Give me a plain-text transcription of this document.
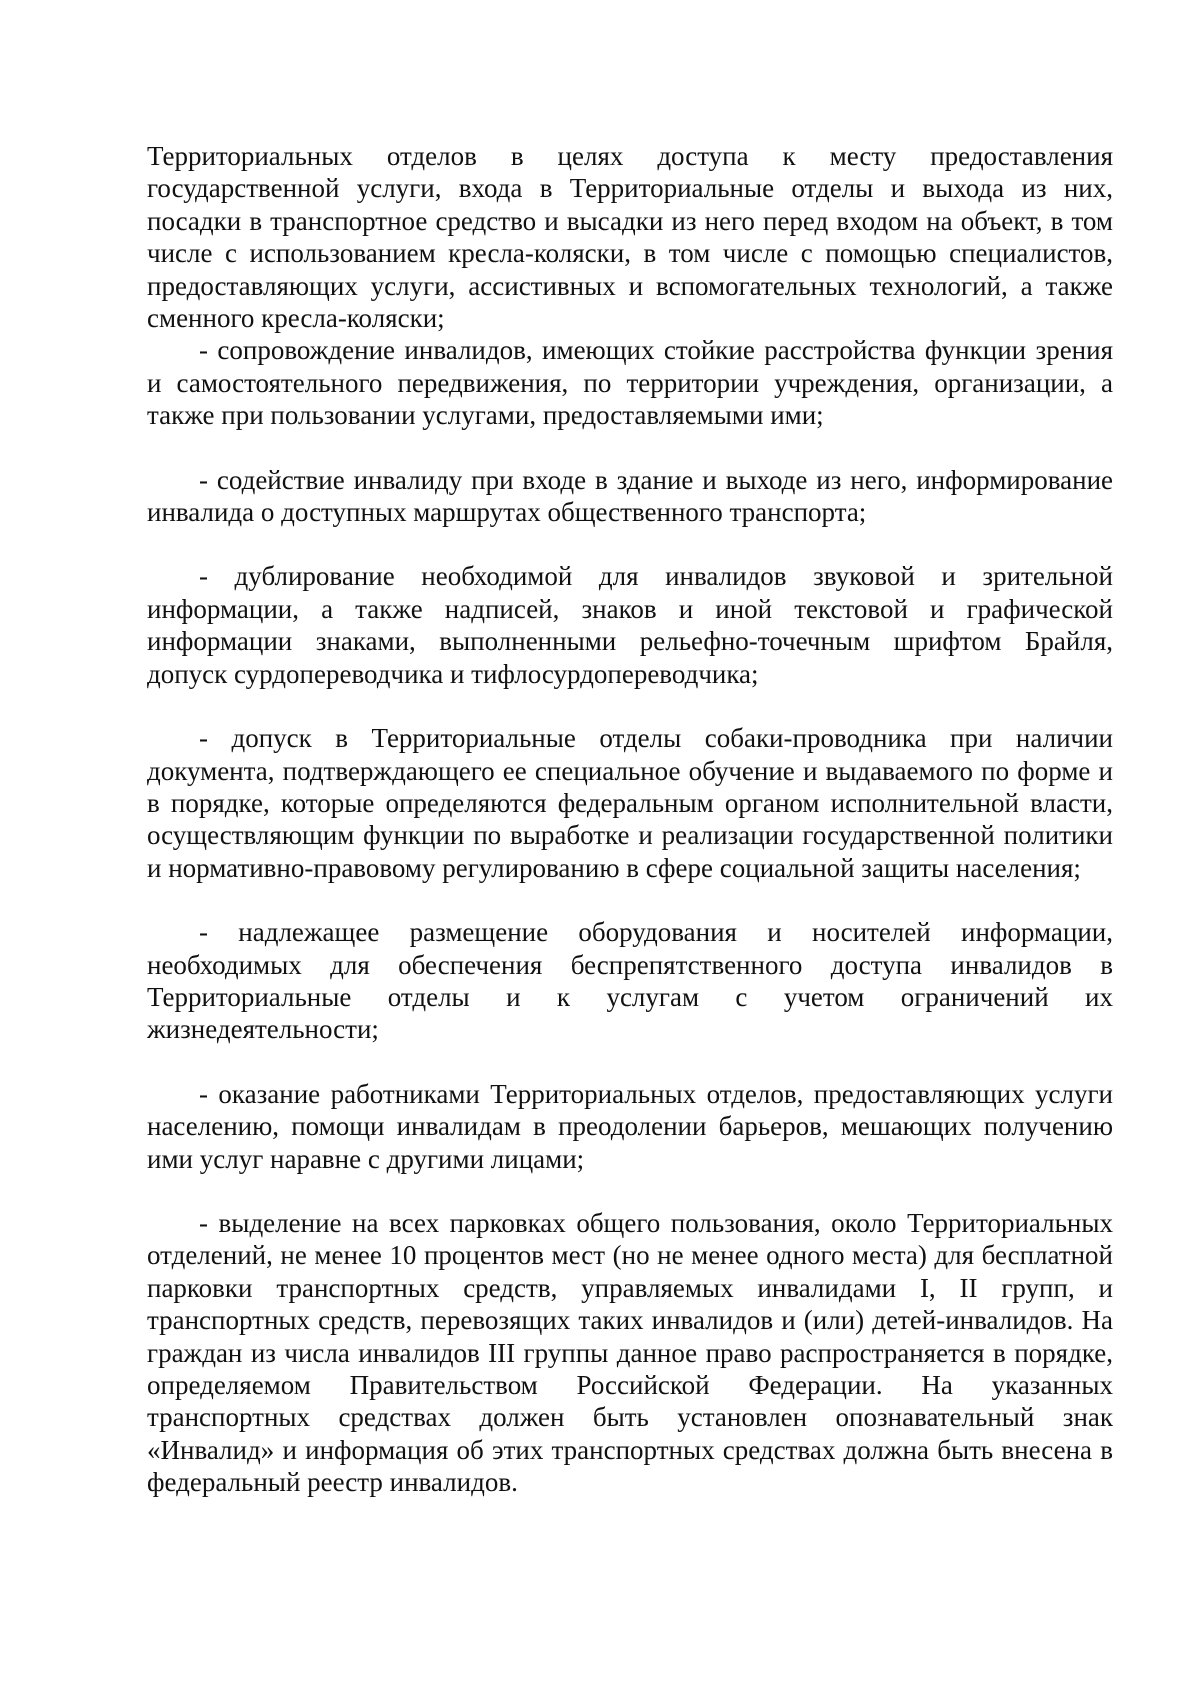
Территориальных отделов в целях доступа к месту предоставления государственной услуги, входа в Территориальные отделы и выхода из них, посадки в транспортное средство и высадки из него перед входом на объект, в том числе с использованием кресла-коляски, в том числе с помощью специалистов, предоставляющих услуги, ассистивных и вспомогательных технологий, а также сменного кресла-коляски;

- сопровождение инвалидов, имеющих стойкие расстройства функции зрения и самостоятельного передвижения, по территории учреждения, организации, а также при пользовании услугами, предоставляемыми ими;

- содействие инвалиду при входе в здание и выходе из него, информирование инвалида о доступных маршрутах общественного транспорта;

- дублирование необходимой для инвалидов звуковой и зрительной информации, а также надписей, знаков и иной текстовой и графической информации знаками, выполненными рельефно-точечным шрифтом Брайля, допуск сурдопереводчика и тифлосурдопереводчика;

- допуск в Территориальные отделы собаки-проводника при наличии документа, подтверждающего ее специальное обучение и выдаваемого по форме и в порядке, которые определяются федеральным органом исполнительной власти, осуществляющим функции по выработке и реализации государственной политики и нормативно-правовому регулированию в сфере социальной защиты населения;

- надлежащее размещение оборудования и носителей информации, необходимых для обеспечения беспрепятственного доступа инвалидов в Территориальные отделы и к услугам с учетом ограничений их жизнедеятельности;

- оказание работниками Территориальных отделов, предоставляющих услуги населению, помощи инвалидам в преодолении барьеров, мешающих получению ими услуг наравне с другими лицами;

- выделение на всех парковках общего пользования, около Территориальных отделений, не менее 10 процентов мест (но не менее одного места) для бесплатной парковки транспортных средств, управляемых инвалидами I, II групп, и транспортных средств, перевозящих таких инвалидов и (или) детей-инвалидов. На граждан из числа инвалидов III группы данное право распространяется в порядке, определяемом Правительством Российской Федерации. На указанных транспортных средствах должен быть установлен опознавательный знак «Инвалид» и информация об этих транспортных средствах должна быть внесена в федеральный реестр инвалидов.
